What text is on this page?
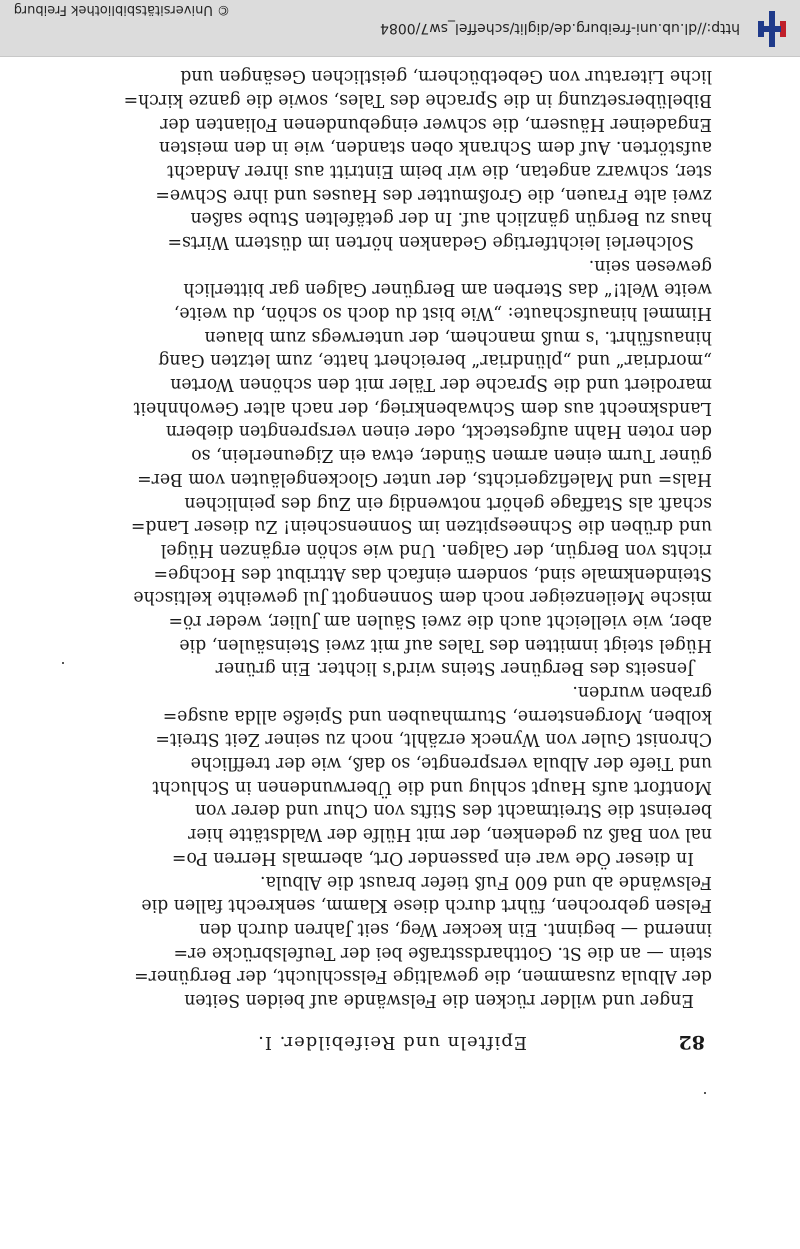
82
Epifteln und Reifebilder. I.
Enger und wilder rücken die Felswände auf beiden Seiten
der Albula zusammen, die gewaltige Felsschlucht, der Bergüner=
stein — an die St. Gotthardsstraße bei der Teufelsbrücke er=
innernd — beginnt. Ein kecker Weg, seit Jahren durch den
Felsen gebrochen, führt durch diese Klamm, senkrecht fallen die
Felswände ab und 600 Fuß tiefer braust die Albula.
In dieser Öde war ein passender Ort, abermals Herren Po=
nal von Baß zu gedenken, der mit Hülfe der Waldstätte hier
bereinst die Streitmacht des Stifts von Chur und derer von
Montfort aufs Haupt schlug und die Überwundenen in Schlucht
und Tiefe der Albula versprengte, so daß, wie der treffliche
Chronist Guler von Wyneck erzählt, noch zu seiner Zeit Streit=
kolben, Morgensterne, Sturmhauben und Spieße allda ausge=
graben wurden.
Jenseits des Bergüner Steins wird's lichter. Ein grüner
Hügel steigt inmitten des Tales auf mit zwei Steinsäulen, die
aber, wie vielleicht auch die zwei Säulen am Julier, weder rö=
mische Meilenzeiger noch dem Sonnengott Jul geweihte keltische
Steindenkmale sind, sondern einfach das Attribut des Hochge=
richts von Bergün, der Galgen. Und wie schön ergänzen Hügel
und drüben die Schneespitzen im Sonnenschein! Zu dieser Land=
schaft als Staffage gehört notwendig ein Zug des peinlichen
Hals= und Malefizgerichts, der unter Glockengeläuten vom Ber=
güner Turm einen armen Sünder, etwa ein Zigeunerlein, so
den roten Hahn aufgesteckt, oder einen versprengten diebern
Landsknecht aus dem Schwabenkrieg, der nach alter Gewohnheit
marodiert und die Sprache der Täler mit den schönen Worten
„mordriar“ und „plündriar“ bereichert hatte, zum letzten Gang
hinausführt. 's muß manchem, der unterwegs zum blauen
Himmel hinaufschaute: „Wie bist du doch so schön, du weite,
weite Welt!“ das Sterben am Bergüner Galgen gar bitterlich
gewesen sein.
Solcherlei leichtfertige Gedanken hörten im düstern Wirts=
haus zu Bergün gänzlich auf. In der getäfelten Stube saßen
zwei alte Frauen, die Großmutter des Hauses und ihre Schwe=
ster, schwarz angetan, die wir beim Eintritt aus ihrer Andacht
aufstörten. Auf dem Schrank oben standen, wie in den meisten
Engadeiner Häusern, die schwer eingebundenen Folianten der
Bibelübersetzung in die Sprache des Tales, sowie die ganze kirch=
liche Literatur von Gebetbüchern, geistlichen Gesängen und
http://dl.ub.uni-freiburg.de/diglit/scheffel_sw7/0084
© Universitätsbibliothek Freiburg
